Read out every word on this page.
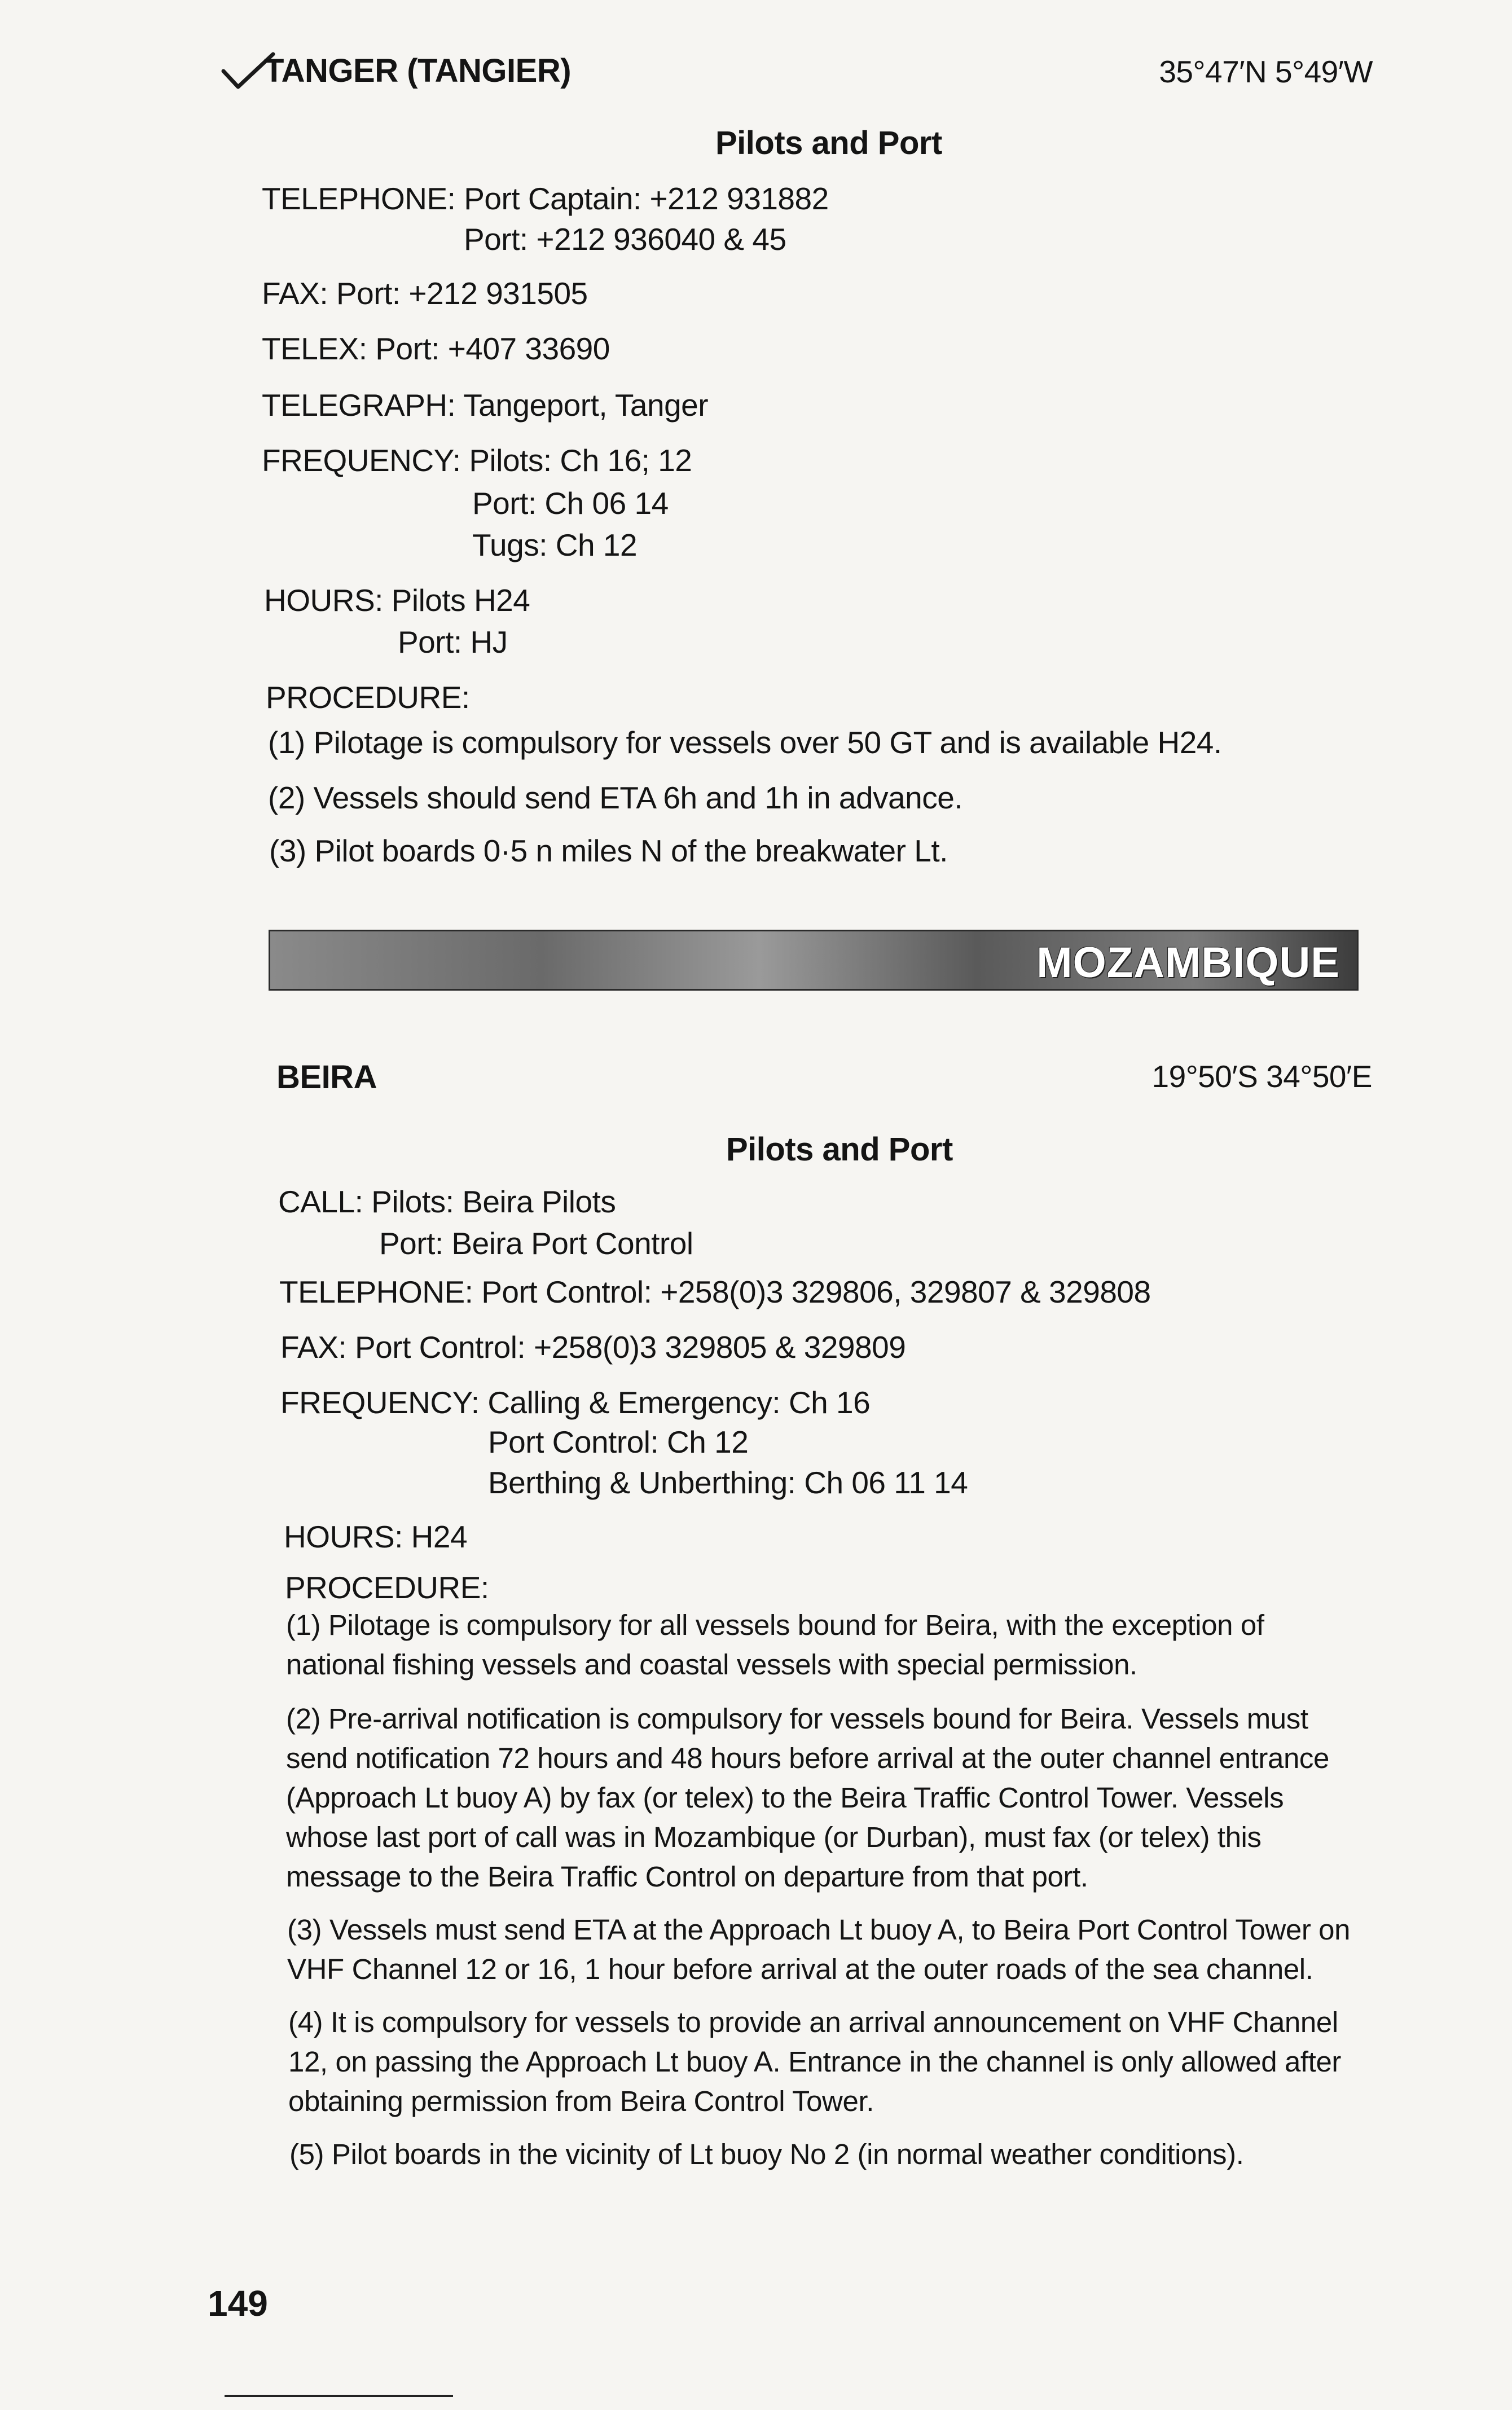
TANGER (TANGIER)	35°47′N 5°49′W
Pilots and Port
TELEPHONE: Port Captain: +212 931882
Port: +212 936040 & 45
FAX: Port: +212 931505
TELEX: Port: +407 33690
TELEGRAPH: Tangeport, Tanger
FREQUENCY: Pilots: Ch 16; 12
Port: Ch 06 14
Tugs: Ch 12
HOURS: Pilots H24
Port: HJ
PROCEDURE:
(1) Pilotage is compulsory for vessels over 50 GT and is available H24.
(2) Vessels should send ETA 6h and 1h in advance.
(3) Pilot boards 0·5 n miles N of the breakwater Lt.
MOZAMBIQUE
BEIRA	19°50′S 34°50′E
Pilots and Port
CALL: Pilots: Beira Pilots
Port: Beira Port Control
TELEPHONE: Port Control: +258(0)3 329806, 329807 & 329808
FAX: Port Control: +258(0)3 329805 & 329809
FREQUENCY: Calling & Emergency: Ch 16
Port Control: Ch 12
Berthing & Unberthing: Ch 06 11 14
HOURS: H24
PROCEDURE:
(1) Pilotage is compulsory for all vessels bound for Beira, with the exception of national fishing vessels and coastal vessels with special permission.
(2) Pre-arrival notification is compulsory for vessels bound for Beira. Vessels must send notification 72 hours and 48 hours before arrival at the outer channel entrance (Approach Lt buoy A) by fax (or telex) to the Beira Traffic Control Tower. Vessels whose last port of call was in Mozambique (or Durban), must fax (or telex) this message to the Beira Traffic Control on departure from that port.
(3) Vessels must send ETA at the Approach Lt buoy A, to Beira Port Control Tower on VHF Channel 12 or 16, 1 hour before arrival at the outer roads of the sea channel.
(4) It is compulsory for vessels to provide an arrival announcement on VHF Channel 12, on passing the Approach Lt buoy A. Entrance in the channel is only allowed after obtaining permission from Beira Control Tower.
(5) Pilot boards in the vicinity of Lt buoy No 2 (in normal weather conditions).
149
